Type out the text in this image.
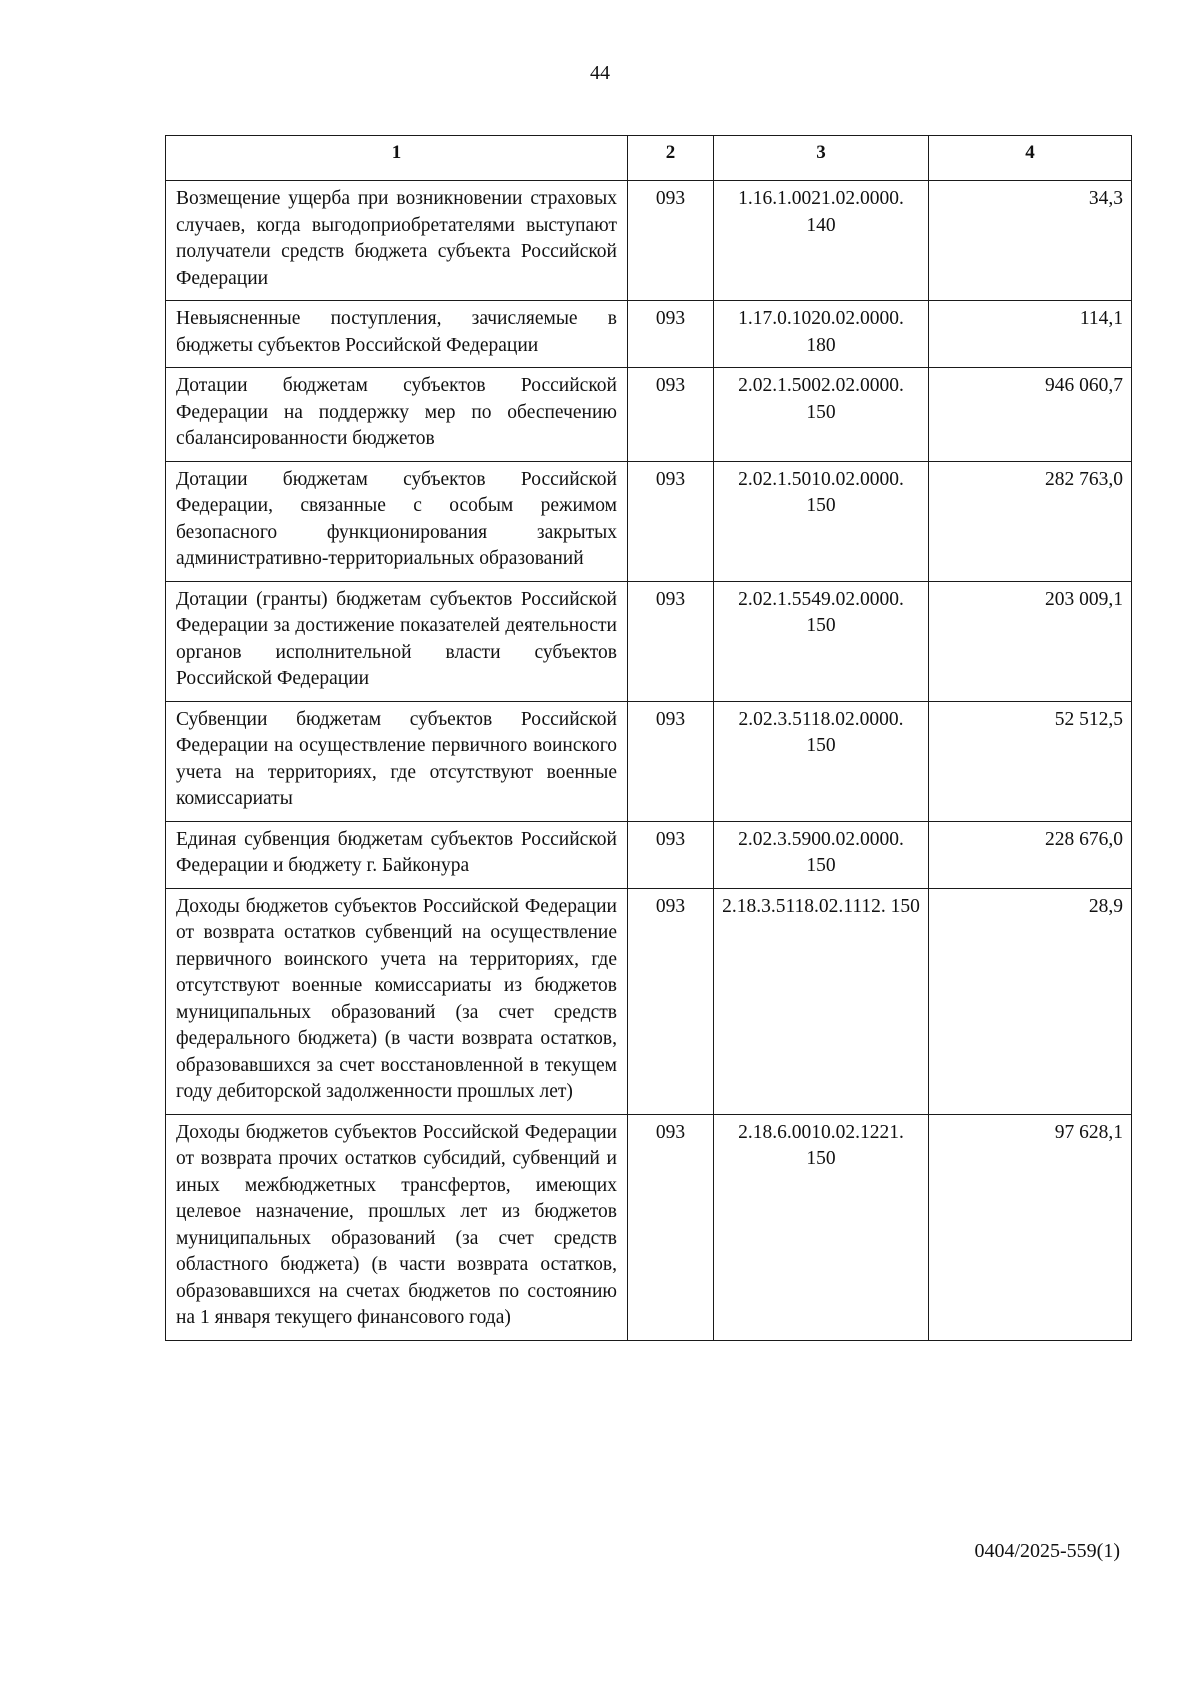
44
1	2	3	4
Возмещение ущерба при возникновении страховых случаев, когда выгодоприобретателями выступают получатели средств бюджета субъекта Российской Федерации	093	1.16.1.0021.02.0000. 140	34,3
Невыясненные поступления, зачисляемые в бюджеты субъектов Российской Федерации	093	1.17.0.1020.02.0000. 180	114,1
Дотации бюджетам субъектов Российской Федерации на поддержку мер по обеспечению сбалансированности бюджетов	093	2.02.1.5002.02.0000. 150	946 060,7
Дотации бюджетам субъектов Российской Федерации, связанные с особым режимом безопасного функционирования закрытых административно-территориальных образований	093	2.02.1.5010.02.0000. 150	282 763,0
Дотации (гранты) бюджетам субъектов Российской Федерации за достижение показателей деятельности органов исполнительной власти субъектов Российской Федерации	093	2.02.1.5549.02.0000. 150	203 009,1
Субвенции бюджетам субъектов Российской Федерации на осуществление первичного воинского учета на территориях, где отсутствуют военные комиссариаты	093	2.02.3.5118.02.0000. 150	52 512,5
Единая субвенция бюджетам субъектов Российской Федерации и бюджету г. Байконура	093	2.02.3.5900.02.0000. 150	228 676,0
Доходы бюджетов субъектов Российской Федерации от возврата остатков субвенций на осуществление первичного воинского учета на территориях, где отсутствуют военные комиссариаты из бюджетов муниципальных образований (за счет средств федерального бюджета) (в части возврата остатков, образовавшихся за счет восстановленной в текущем году дебиторской задолженности прошлых лет)	093	2.18.3.5118.02.1112. 150	28,9
Доходы бюджетов субъектов Российской Федерации от возврата прочих остатков субсидий, субвенций и иных межбюджетных трансфертов, имеющих целевое назначение, прошлых лет из бюджетов муниципальных образований (за счет средств областного бюджета) (в части возврата остатков, образовавшихся на счетах бюджетов по состоянию на 1 января текущего финансового года)	093	2.18.6.0010.02.1221. 150	97 628,1
0404/2025-559(1)
